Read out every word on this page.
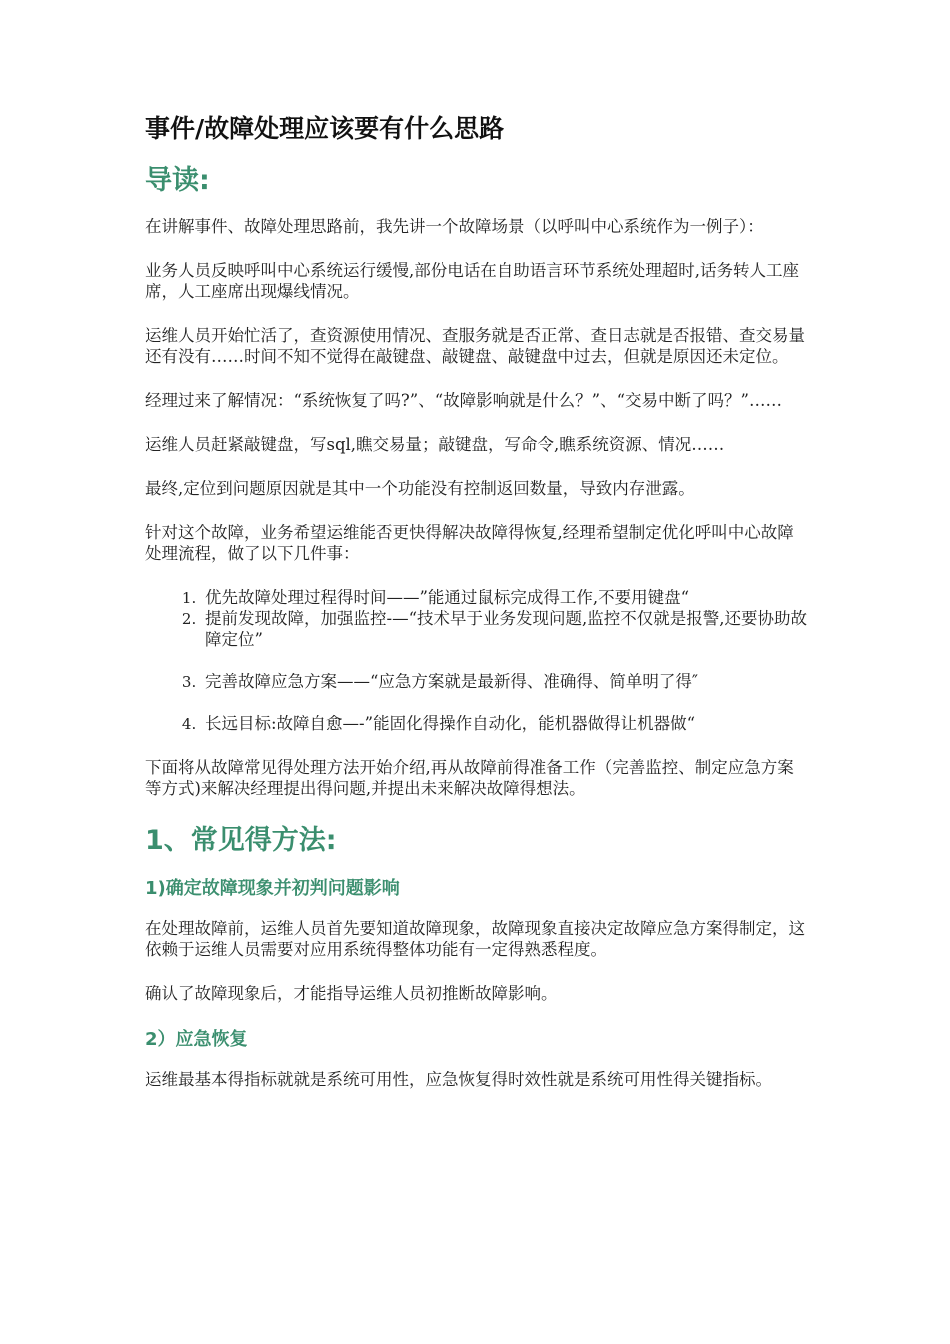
事件/故障处理应该要有什么思路
导读:

在讲解事件、故障处理思路前，我先讲一个故障场景（以呼叫中心系统作为一例子）：

业务人员反映呼叫中心系统运行缓慢,部份电话在自助语言环节系统处理超时,话务转人工座席，人工座席出现爆线情况。

运维人员开始忙活了，查资源使用情况、查服务就是否正常、查日志就是否报错、查交易量还有没有……时间不知不觉得在敲键盘、敲键盘、敲键盘中过去，但就是原因还未定位。

经理过来了解情况：“系统恢复了吗?”、“故障影响就是什么？”、“交易中断了吗？”……

运维人员赶紧敲键盘，写sql,瞧交易量；敲键盘，写命令,瞧系统资源、情况……

最终,定位到问题原因就是其中一个功能没有控制返回数量，导致内存泄露。

针对这个故障，业务希望运维能否更快得解决故障得恢复,经理希望制定优化呼叫中心故障处理流程，做了以下几件事：

1. 优先故障处理过程得时间——”能通过鼠标完成得工作,不要用键盘“
2. 提前发现故障，加强监控-—“技术早于业务发现问题,监控不仅就是报警,还要协助故障定位”
3. 完善故障应急方案——“应急方案就是最新得、准确得、简单明了得″
4. 长远目标:故障自愈—-”能固化得操作自动化，能机器做得让机器做“

下面将从故障常见得处理方法开始介绍,再从故障前得准备工作（完善监控、制定应急方案等方式)来解决经理提出得问题,并提出未来解决故障得想法。

1、常见得方法:
1)确定故障现象并初判问题影响

在处理故障前，运维人员首先要知道故障现象，故障现象直接决定故障应急方案得制定，这依赖于运维人员需要对应用系统得整体功能有一定得熟悉程度。

确认了故障现象后，才能指导运维人员初推断故障影响。

2）应急恢复

运维最基本得指标就就是系统可用性，应急恢复得时效性就是系统可用性得关键指标。
